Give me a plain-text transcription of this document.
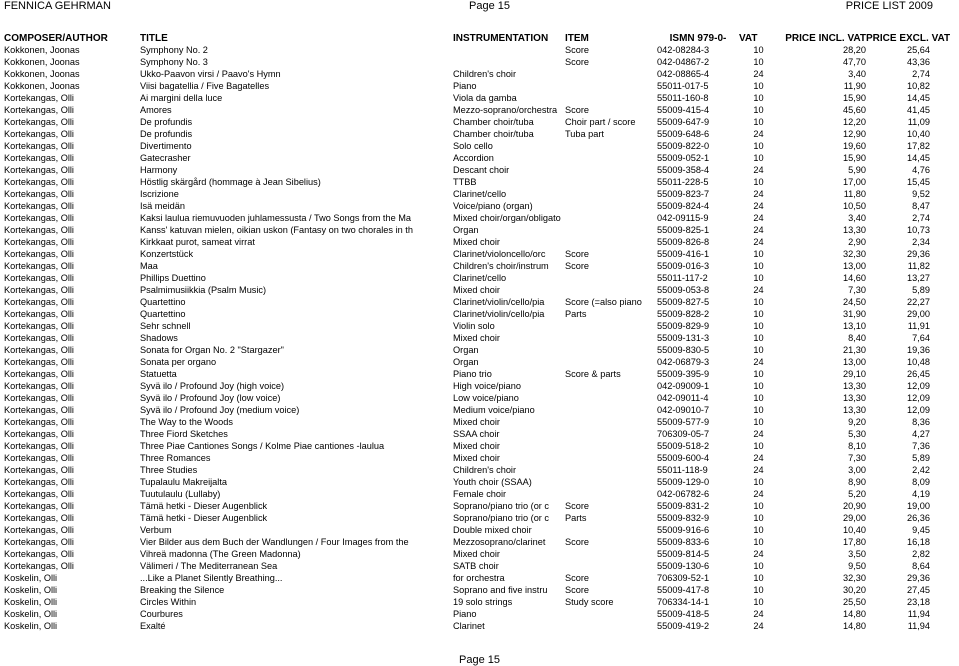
FENNICA GEHRMAN	Page 15	PRICE LIST 2009
COMPOSER/AUTHOR	TITLE	INSTRUMENTATION	ITEM	ISMN 979-0-	VAT	PRICE INCL. VAT	PRICE EXCL. VAT
Kokkonen, Joonas	Symphony No. 2		Score	042-08284-3	10	28,20	25,64
Kokkonen, Joonas	Symphony No. 3		Score	042-04867-2	10	47,70	43,36
Kokkonen, Joonas	Ukko-Paavon virsi / Paavo's Hymn	Children's choir		042-08865-4	24	3,40	2,74
Kokkonen, Joonas	Viisi bagatellia / Five Bagatelles	Piano		55011-017-5	10	11,90	10,82
Kortekangas, Olli	Ai margini della luce	Viola da gamba		55011-160-8	10	15,90	14,45
Kortekangas, Olli	Amores	Mezzo-soprano/orchestra	Score	55009-415-4	10	45,60	41,45
Kortekangas, Olli	De profundis	Chamber choir/tuba	Choir part / score	55009-647-9	10	12,20	11,09
Kortekangas, Olli	De profundis	Chamber choir/tuba	Tuba part	55009-648-6	24	12,90	10,40
Kortekangas, Olli	Divertimento	Solo cello		55009-822-0	10	19,60	17,82
Kortekangas, Olli	Gatecrasher	Accordion		55009-052-1	10	15,90	14,45
Kortekangas, Olli	Harmony	Descant choir		55009-358-4	24	5,90	4,76
Kortekangas, Olli	Höstlig skärgård (hommage à Jean Sibelius)	TTBB		55011-228-5	10	17,00	15,45
Kortekangas, Olli	Iscrizione	Clarinet/cello		55009-823-7	24	11,80	9,52
Kortekangas, Olli	Isä meidän	Voice/piano (organ)		55009-824-4	24	10,50	8,47
Kortekangas, Olli	Kaksi laulua riemuvuoden juhlamessusta / Two Songs from the Ma	Mixed choir/organ/obligato		042-09115-9	24	3,40	2,74
Kortekangas, Olli	Kanss' katuvan mielen, oikian uskon (Fantasy on two chorales in th	Organ		55009-825-1	24	13,30	10,73
Kortekangas, Olli	Kirkkaat purot, sameat virrat	Mixed choir		55009-826-8	24	2,90	2,34
Kortekangas, Olli	Konzertstück	Clarinet/violoncello/orc	Score	55009-416-1	10	32,30	29,36
Kortekangas, Olli	Maa	Children's choir/instrum	Score	55009-016-3	10	13,00	11,82
Kortekangas, Olli	Phillips Duettino	Clarinet/cello		55011-117-2	10	14,60	13,27
Kortekangas, Olli	Psalmimusiikkia (Psalm Music)	Mixed choir		55009-053-8	24	7,30	5,89
Kortekangas, Olli	Quartettino	Clarinet/violin/cello/pia	Score (=also piano	55009-827-5	10	24,50	22,27
Kortekangas, Olli	Quartettino	Clarinet/violin/cello/pia	Parts	55009-828-2	10	31,90	29,00
Kortekangas, Olli	Sehr schnell	Violin solo		55009-829-9	10	13,10	11,91
Kortekangas, Olli	Shadows	Mixed choir		55009-131-3	10	8,40	7,64
Kortekangas, Olli	Sonata for Organ No. 2 "Stargazer"	Organ		55009-830-5	10	21,30	19,36
Kortekangas, Olli	Sonata per organo	Organ		042-06879-3	24	13,00	10,48
Kortekangas, Olli	Statuetta	Piano trio	Score & parts	55009-395-9	10	29,10	26,45
Kortekangas, Olli	Syvä ilo / Profound Joy (high voice)	High voice/piano		042-09009-1	10	13,30	12,09
Kortekangas, Olli	Syvä ilo / Profound Joy (low voice)	Low voice/piano		042-09011-4	10	13,30	12,09
Kortekangas, Olli	Syvä ilo / Profound Joy (medium voice)	Medium voice/piano		042-09010-7	10	13,30	12,09
Kortekangas, Olli	The Way to the Woods	Mixed choir		55009-577-9	10	9,20	8,36
Kortekangas, Olli	Three Fiord Sketches	SSAA choir		706309-05-7	24	5,30	4,27
Kortekangas, Olli	Three Piae Cantiones Songs / Kolme Piae cantiones -laulua	Mixed choir		55009-518-2	10	8,10	7,36
Kortekangas, Olli	Three Romances	Mixed choir		55009-600-4	24	7,30	5,89
Kortekangas, Olli	Three Studies	Children's choir		55011-118-9	24	3,00	2,42
Kortekangas, Olli	Tupalaulu Makreijalta	Youth choir (SSAA)		55009-129-0	10	8,90	8,09
Kortekangas, Olli	Tuutulaulu (Lullaby)	Female choir		042-06782-6	24	5,20	4,19
Kortekangas, Olli	Tämä hetki - Dieser Augenblick	Soprano/piano trio (or c	Score	55009-831-2	10	20,90	19,00
Kortekangas, Olli	Tämä hetki - Dieser Augenblick	Soprano/piano trio (or c	Parts	55009-832-9	10	29,00	26,36
Kortekangas, Olli	Verbum	Double mixed choir		55009-916-6	10	10,40	9,45
Kortekangas, Olli	Vier Bilder aus dem Buch der Wandlungen / Four Images from the	Mezzosoprano/clarinet	Score	55009-833-6	10	17,80	16,18
Kortekangas, Olli	Vihreä madonna (The Green Madonna)	Mixed choir		55009-814-5	24	3,50	2,82
Kortekangas, Olli	Välimeri / The Mediterranean Sea	SATB choir		55009-130-6	10	9,50	8,64
Koskelin, Olli	...Like a Planet Silently Breathing...	for orchestra	Score	706309-52-1	10	32,30	29,36
Koskelin, Olli	Breaking the Silence	Soprano and five instru	Score	55009-417-8	10	30,20	27,45
Koskelin, Olli	Circles Within	19 solo strings	Study score	706334-14-1	10	25,50	23,18
Koskelin, Olli	Courbures	Piano		55009-418-5	24	14,80	11,94
Koskelin, Olli	Exalté	Clarinet		55009-419-2	24	14,80	11,94
Page 15
